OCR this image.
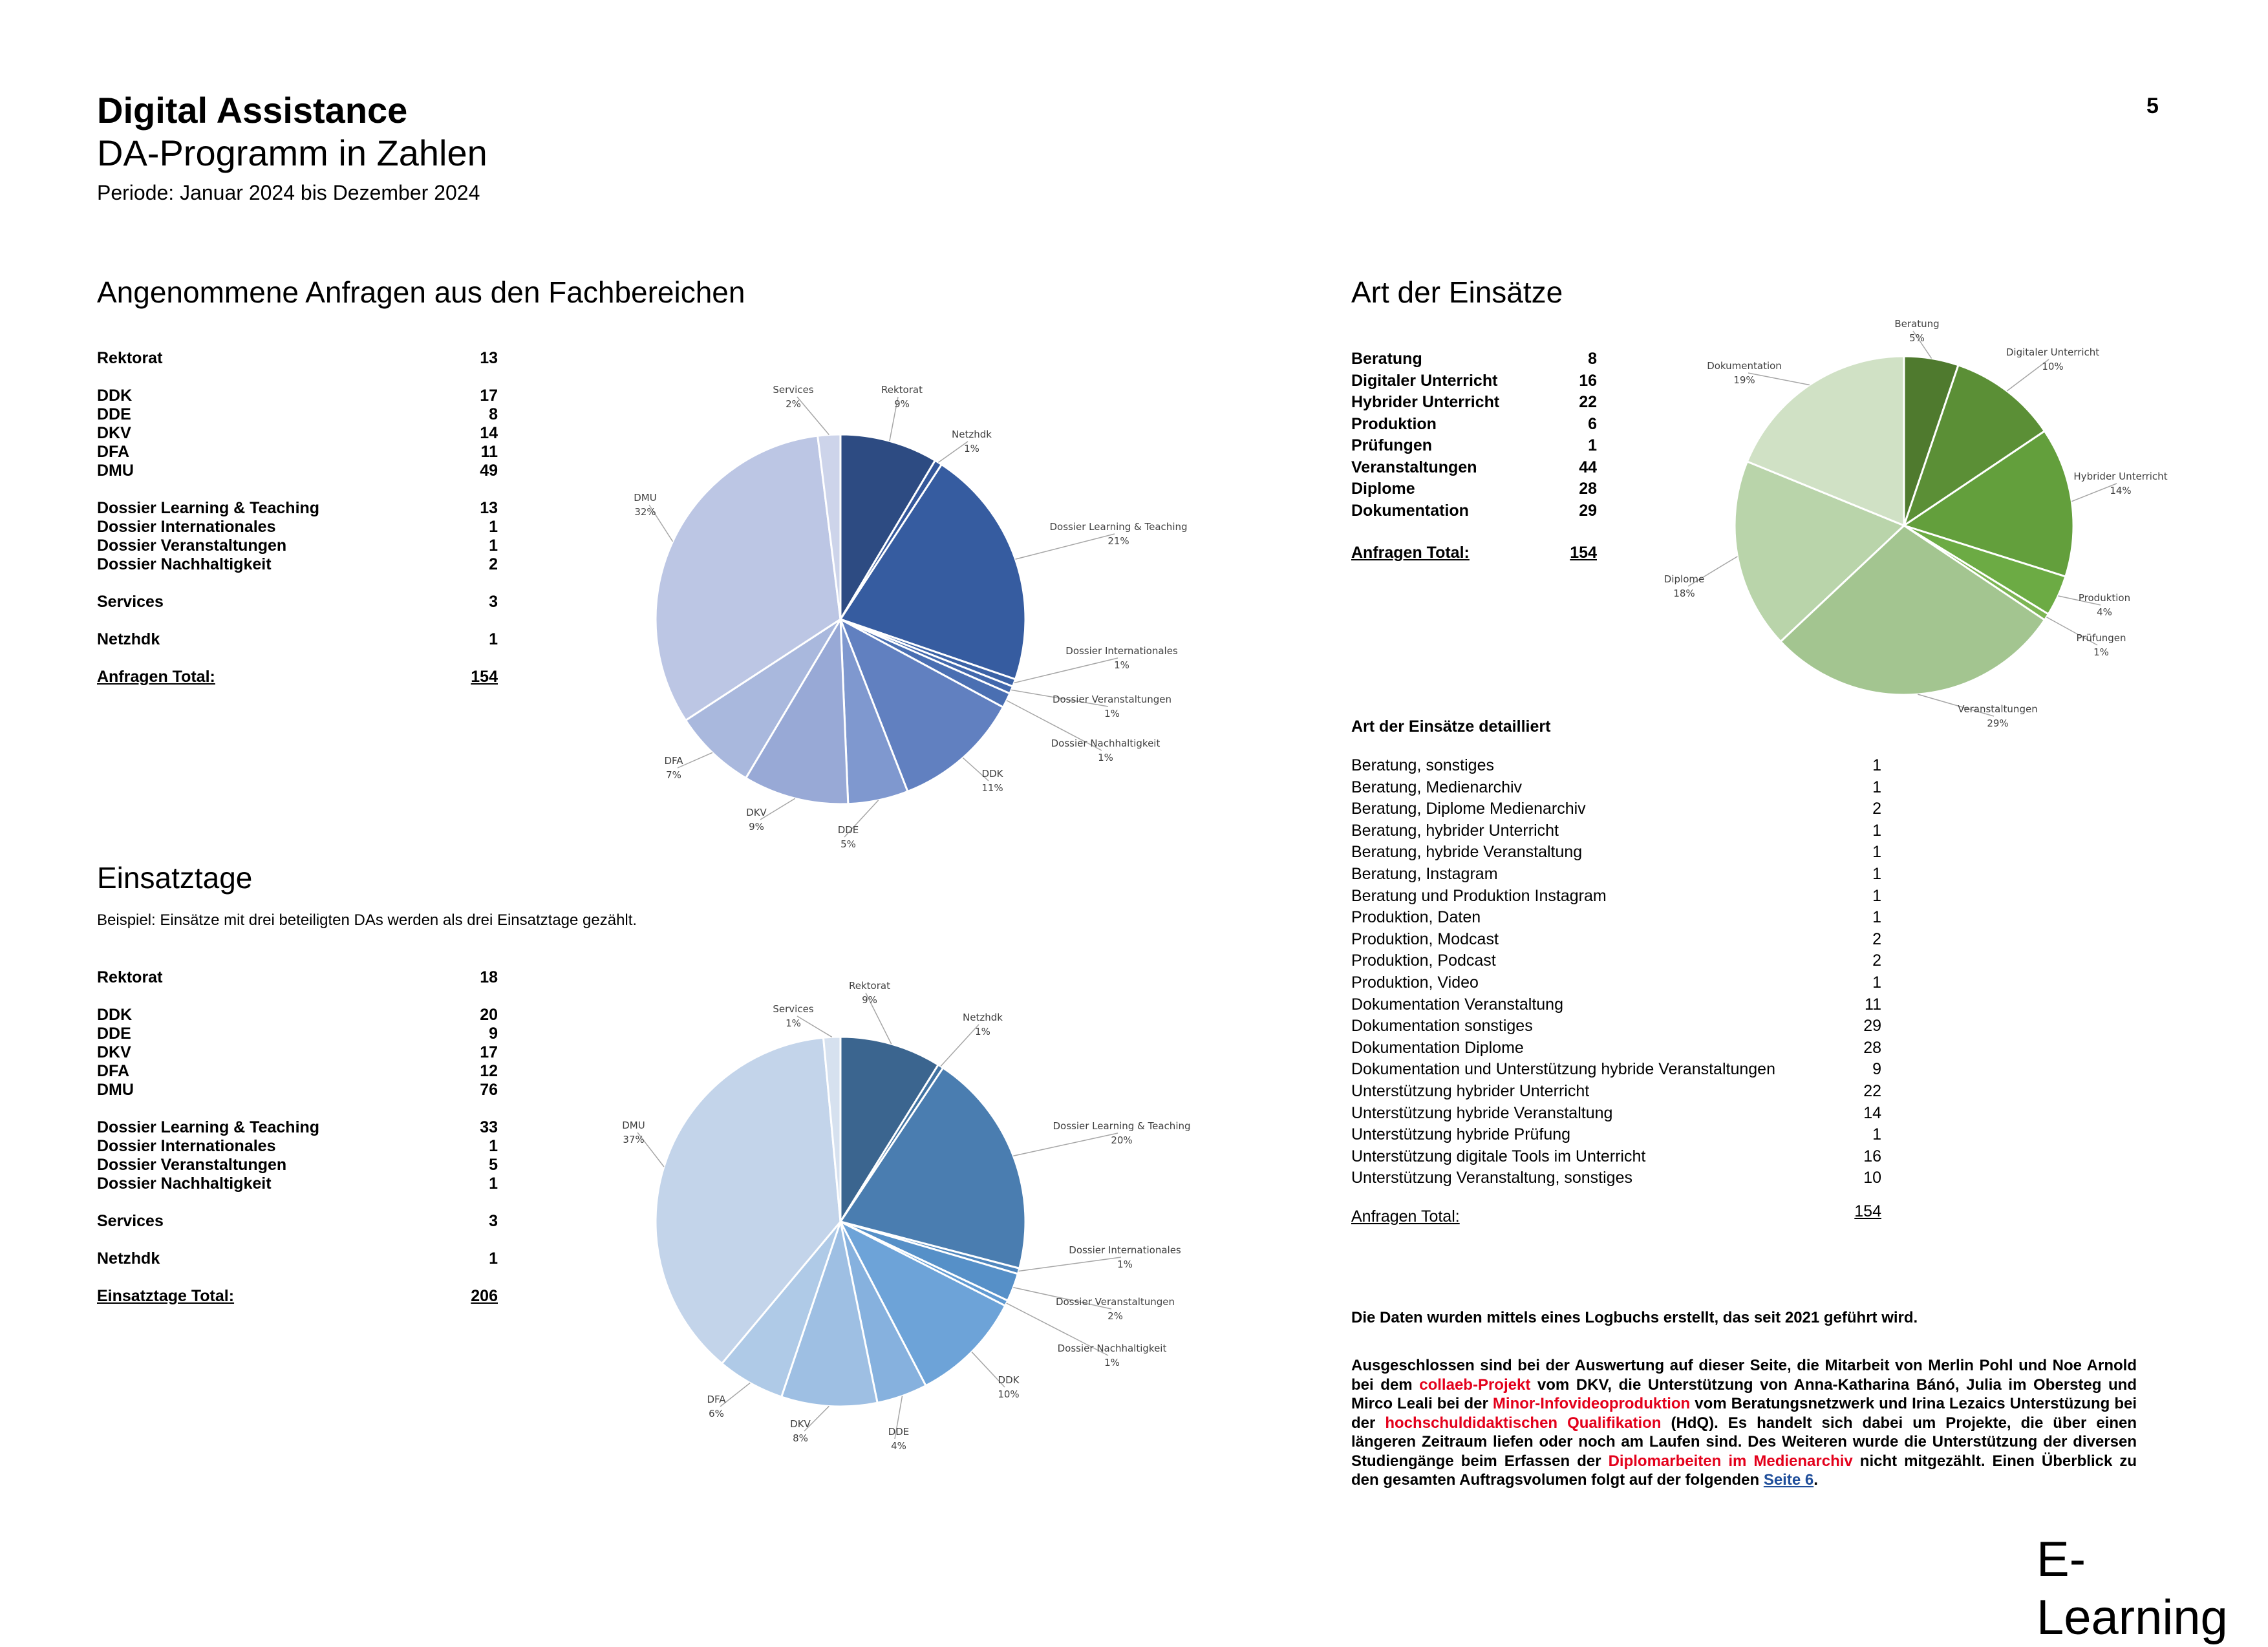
Digital Assistance
DA-Programm in Zahlen
Periode: Januar 2024 bis Dezember 2024
5
Angenommene Anfragen aus den Fachbereichen
Rektorat	13
DDK	17
DDE	8
DKV	14
DFA	11
DMU	49
Dossier Learning & Teaching	13
Dossier Internationales	1
Dossier Veranstaltungen	1
Dossier Nachhaltigkeit	2
Services	3
Netzhdk	1
Anfragen Total:	154
Einsatztage
Beispiel: Einsätze mit drei beteiligten DAs werden als drei Einsatztage gezählt.
Rektorat	18
DDK	20
DDE	9
DKV	17
DFA	12
DMU	76
Dossier Learning & Teaching	33
Dossier Internationales	1
Dossier Veranstaltungen	5
Dossier Nachhaltigkeit	1
Services	3
Netzhdk	1
Einsatztage Total:	206
Art der Einsätze
Beratung	8
Digitaler Unterricht	16
Hybrider Unterricht	22
Produktion	6
Prüfungen	1
Veranstaltungen	44
Diplome	28
Dokumentation	29
Anfragen Total:	154
Art der Einsätze detailliert
Beratung, sonstiges	1
Beratung, Medienarchiv	1
Beratung, Diplome Medienarchiv	2
Beratung, hybrider Unterricht	1
Beratung, hybride Veranstaltung	1
Beratung, Instagram	1
Beratung und Produktion Instagram	1
Produktion, Daten	1
Produktion, Modcast	2
Produktion, Podcast	2
Produktion, Video	1
Dokumentation Veranstaltung	11
Dokumentation sonstiges	29
Dokumentation Diplome	28
Dokumentation und Unterstützung hybride Veranstaltungen	9
Unterstützung hybrider Unterricht	22
Unterstützung hybride Veranstaltung	14
Unterstützung hybride Prüfung	1
Unterstützung digitale Tools im Unterricht	16
Unterstützung Veranstaltung, sonstiges	10
Anfragen Total:	154
Rektorat
9%
Netzhdk
1%
Dossier Learning & Teaching
21%
Dossier Internationales
1%
Dossier Veranstaltungen
1%
Dossier Nachhaltigkeit
1%
DDK
11%
DDE
5%
DKV
9%
DFA
7%
DMU
32%
Services
2%
Rektorat
9%
Netzhdk
1%
Dossier Learning & Teaching
20%
Dossier Internationales
1%
Dossier Veranstaltungen
2%
Dossier Nachhaltigkeit
1%
DDK
10%
DDE
4%
DKV
8%
DFA
6%
DMU
37%
Services
1%
Beratung
5%
Digitaler Unterricht
10%
Hybrider Unterricht
14%
Produktion
4%
Prüfungen
1%
Veranstaltungen
29%
Diplome
18%
Dokumentation
19%
Die Daten wurden mittels eines Logbuchs erstellt, das seit 2021 geführt wird.
Ausgeschlossen sind bei der Auswertung auf dieser Seite, die Mitarbeit von Merlin Pohl und Noe Arnold bei dem collaeb-Projekt vom DKV, die Unterstützung von Anna-Katharina Bánó, Julia im Obersteg und Mirco Leali bei der Minor-Infovideoproduktion vom Beratungsnetzwerk und Irina Lezaics Unterstüzung bei der hochschuldidaktischen Qualifikation (HdQ). Es handelt sich dabei um Projekte, die über einen längeren Zeitraum liefen oder noch am Laufen sind. Des Weiteren wurde die Unterstützung der diversen Studiengänge beim Erfassen der Diplomarbeiten im Medienarchiv nicht mitgezählt. Einen Überblick zu den gesamten Auftragsvolumen folgt auf der folgenden Seite 6.
E-Learning
